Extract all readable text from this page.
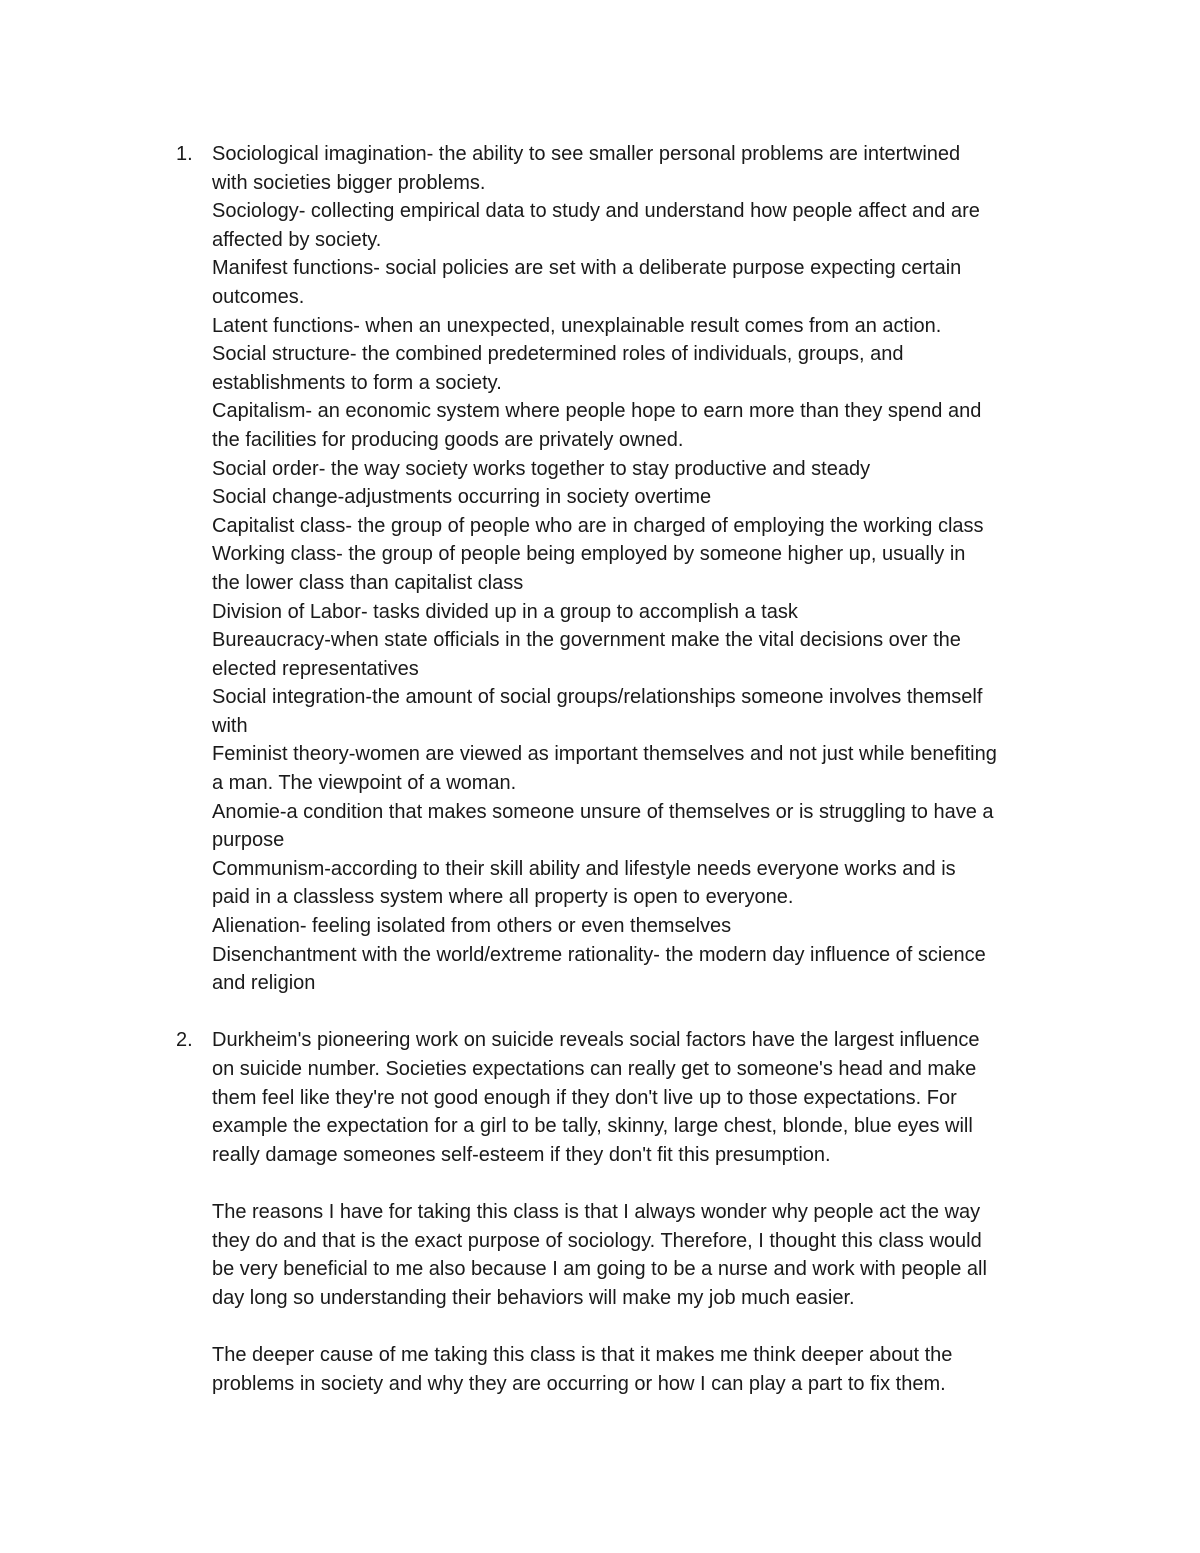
1. Sociological imagination- the ability to see smaller personal problems are intertwined
with societies bigger problems.
Sociology- collecting empirical data to study and understand how people affect and are
affected by society.
Manifest functions- social policies are set with a deliberate purpose expecting certain
outcomes.
Latent functions- when an unexpected, unexplainable result comes from an action.
Social structure- the combined predetermined roles of individuals, groups, and
establishments to form a society.
Capitalism- an economic system where people hope to earn more than they spend and
the facilities for producing goods are privately owned.
Social order- the way society works together to stay productive and steady
Social change-adjustments occurring in society overtime
Capitalist class- the group of people who are in charged of employing the working class
Working class- the group of people being employed by someone higher up, usually in
the lower class than capitalist class
Division of Labor- tasks divided up in a group to accomplish a task
Bureaucracy-when state officials in the government make the vital decisions over the
elected representatives
Social integration-the amount of social groups/relationships someone involves themself
with
Feminist theory-women are viewed as important themselves and not just while benefiting
a man. The viewpoint of a woman.
Anomie-a condition that makes someone unsure of themselves or is struggling to have a
purpose
Communism-according to their skill ability and lifestyle needs everyone works and is
paid in a classless system where all property is open to everyone.
Alienation- feeling isolated from others or even themselves
Disenchantment with the world/extreme rationality- the modern day influence of science
and religion
2. Durkheim's pioneering work on suicide reveals social factors have the largest influence
on suicide number. Societies expectations can really get to someone's head and make
them feel like they're not good enough if they don't live up to those expectations. For
example the expectation for a girl to be tally, skinny, large chest, blonde, blue eyes will
really damage someones self-esteem if they don't fit this presumption.
The reasons I have for taking this class is that I always wonder why people act the way
they do and that is the exact purpose of sociology. Therefore, I thought this class would
be very beneficial to me also because I am going to be a nurse and work with people all
day long so understanding their behaviors will make my job much easier.
The deeper cause of me taking this class is that it makes me think deeper about the
problems in society and why they are occurring or how I can play a part to fix them.
